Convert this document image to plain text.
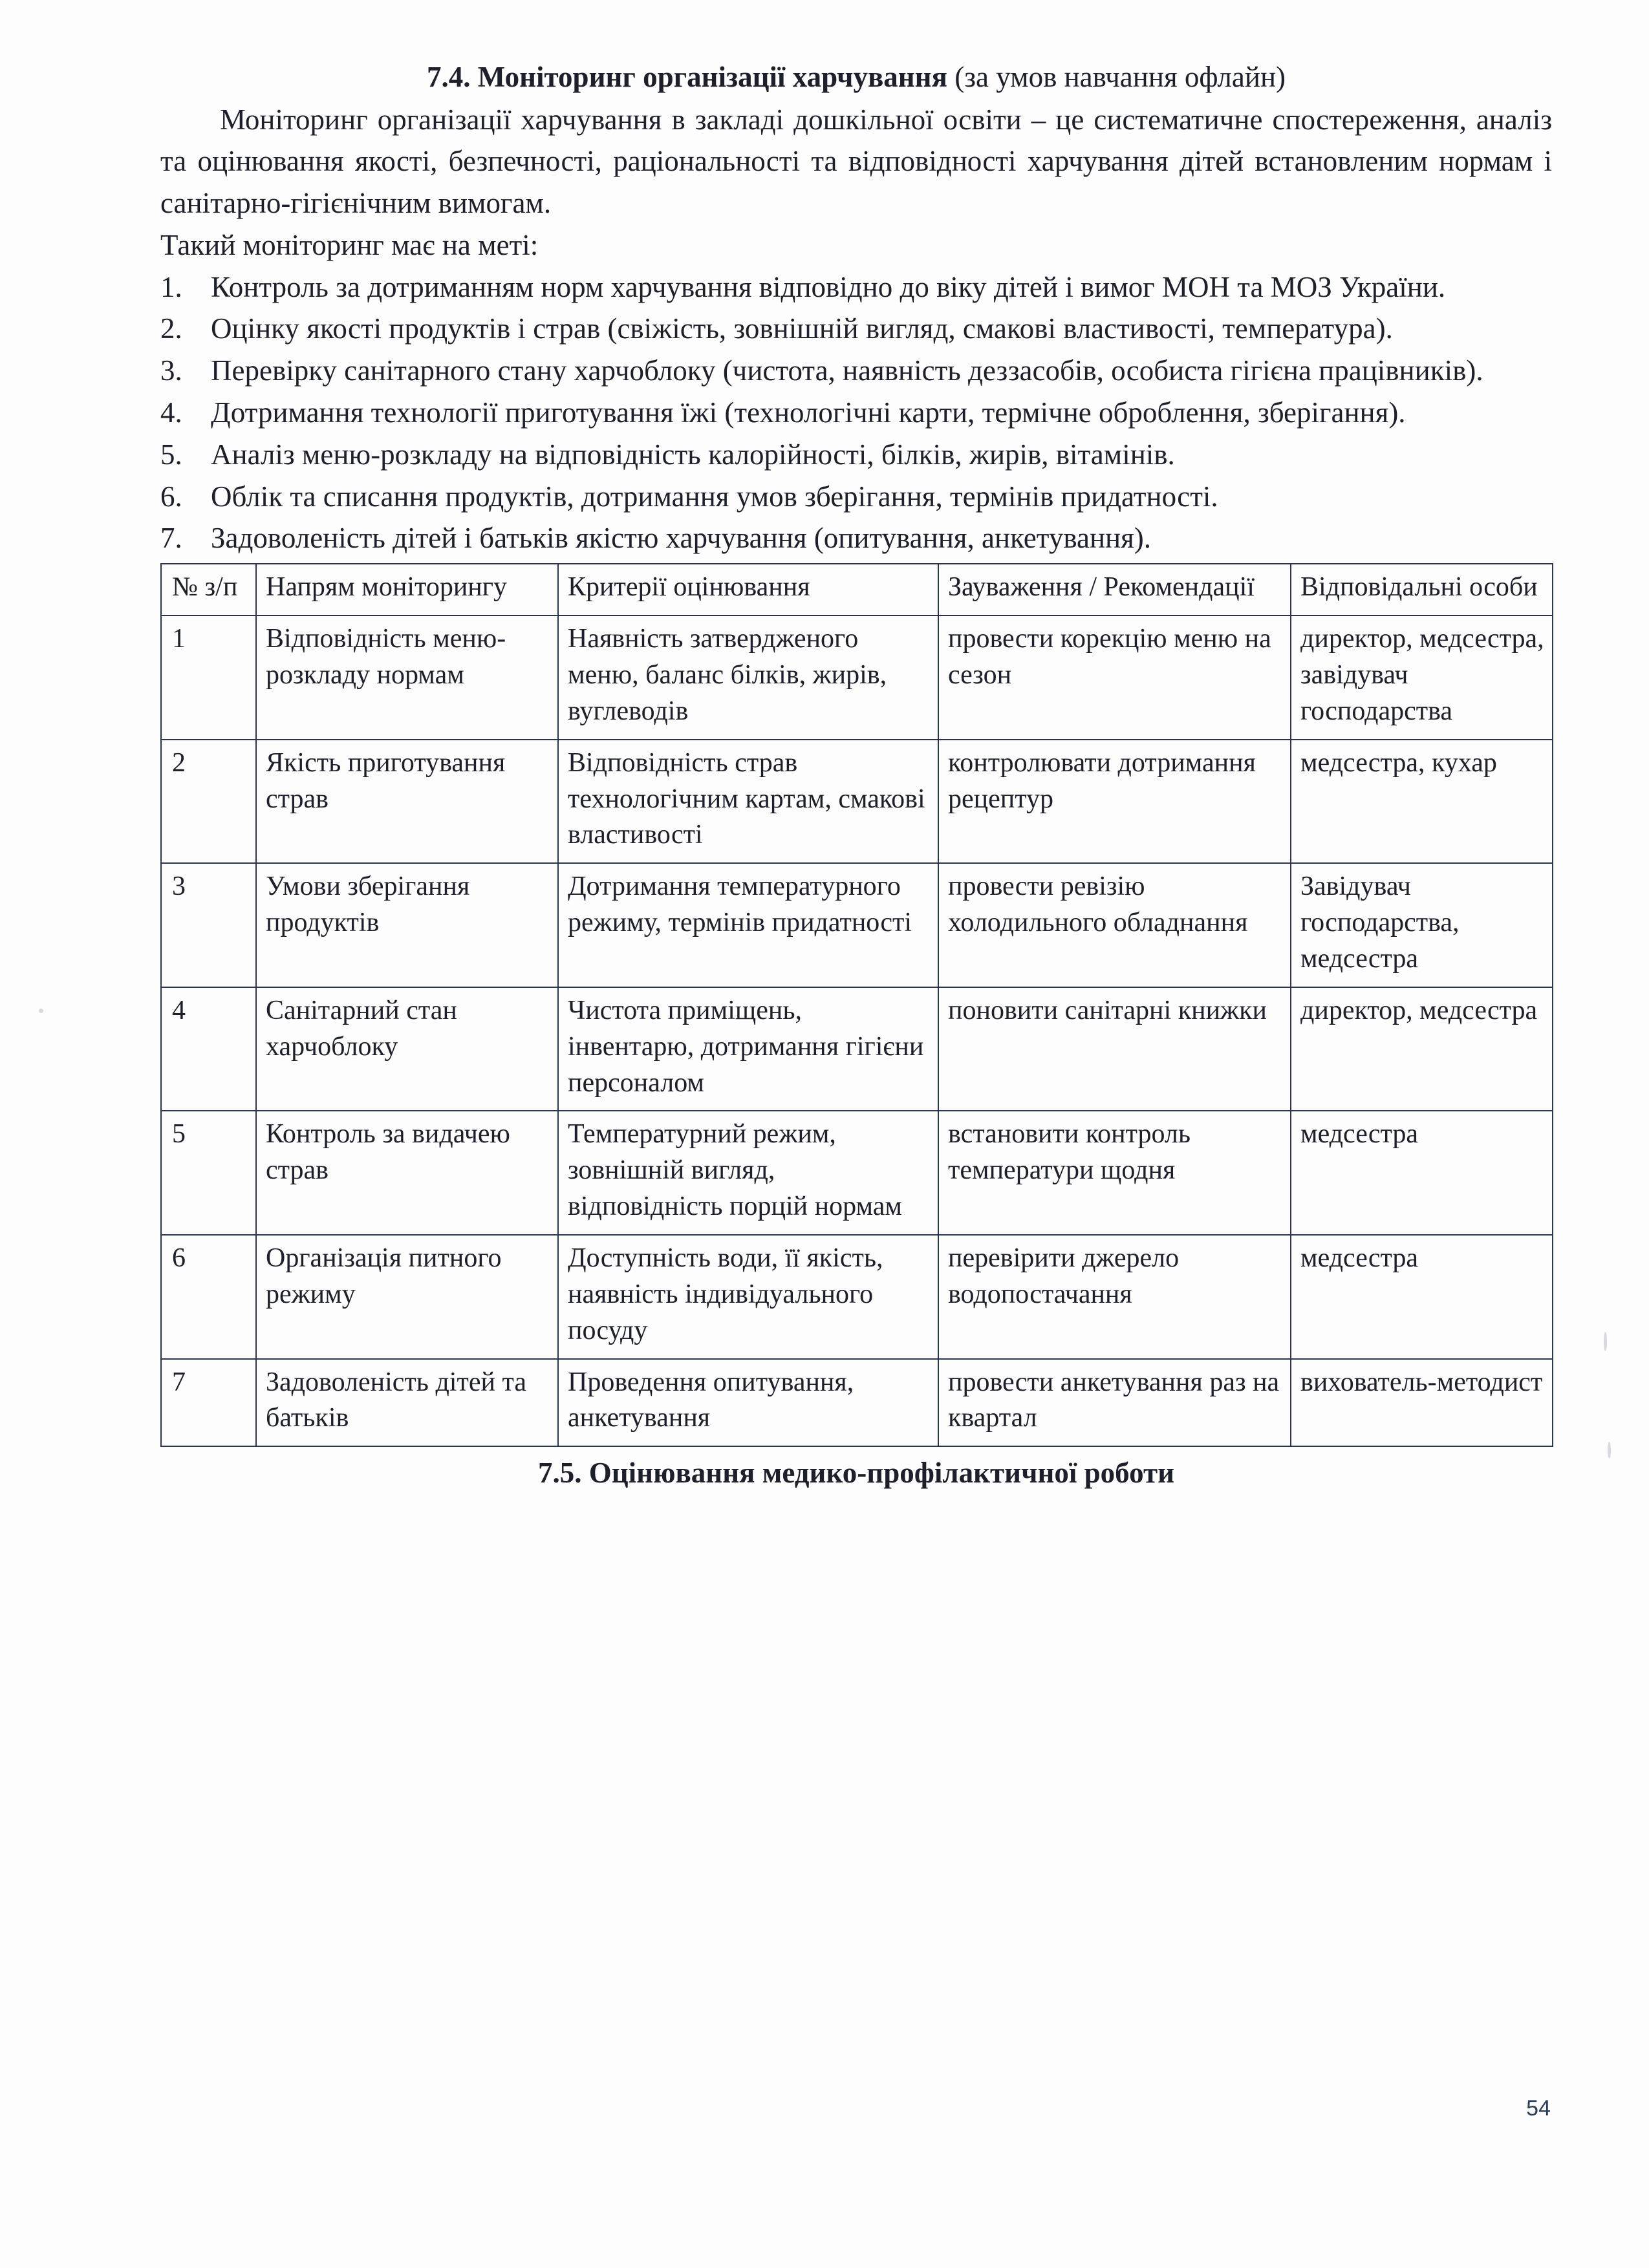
7.4. Моніторинг організації харчування (за умов навчання офлайн)

Моніторинг організації харчування в закладі дошкільної освіти – це систематичне спостереження, аналіз та оцінювання якості, безпечності, раціональності та відповідності харчування дітей встановленим нормам і санітарно-гігієнічним вимогам.

Такий моніторинг має на меті:

1. Контроль за дотриманням норм харчування відповідно до віку дітей і вимог МОН та МОЗ України.
2. Оцінку якості продуктів і страв (свіжість, зовнішній вигляд, смакові властивості, температура).
3. Перевірку санітарного стану харчоблоку (чистота, наявність деззасобів, особиста гігієна працівників).
4. Дотримання технології приготування їжі (технологічні карти, термічне оброблення, зберігання).
5. Аналіз меню-розкладу на відповідність калорійності, білків, жирів, вітамінів.
6. Облік та списання продуктів, дотримання умов зберігання, термінів придатності.
7. Задоволеність дітей і батьків якістю харчування (опитування, анкетування).
№ з/п	Напрям моніторингу	Критерії оцінювання	Зауваження / Рекомендації	Відповідальні особи
1	Відповідність меню-розкладу нормам	Наявність затвердженого меню, баланс білків, жирів, вуглеводів	провести корекцію меню на сезон	директор, медсестра, завідувач господарства
2	Якість приготування страв	Відповідність страв технологічним картам, смакові властивості	контролювати дотримання рецептур	медсестра, кухар
3	Умови зберігання продуктів	Дотримання температурного режиму, термінів придатності	провести ревізію холодильного обладнання	Завідувач господарства, медсестра
4	Санітарний стан харчоблоку	Чистота приміщень, інвентарю, дотримання гігієни персоналом	поновити санітарні книжки	директор, медсестра
5	Контроль за видачею страв	Температурний режим, зовнішній вигляд, відповідність порцій нормам	встановити контроль температури щодня	медсестра
6	Організація питного режиму	Доступність води, її якість, наявність індивідуального посуду	перевірити джерело водопостачання	медсестра
7	Задоволеність дітей та батьків	Проведення опитування, анкетування	провести анкетування раз на квартал	вихователь-методист
7.5. Оцінювання медико-профілактичної роботи
54
